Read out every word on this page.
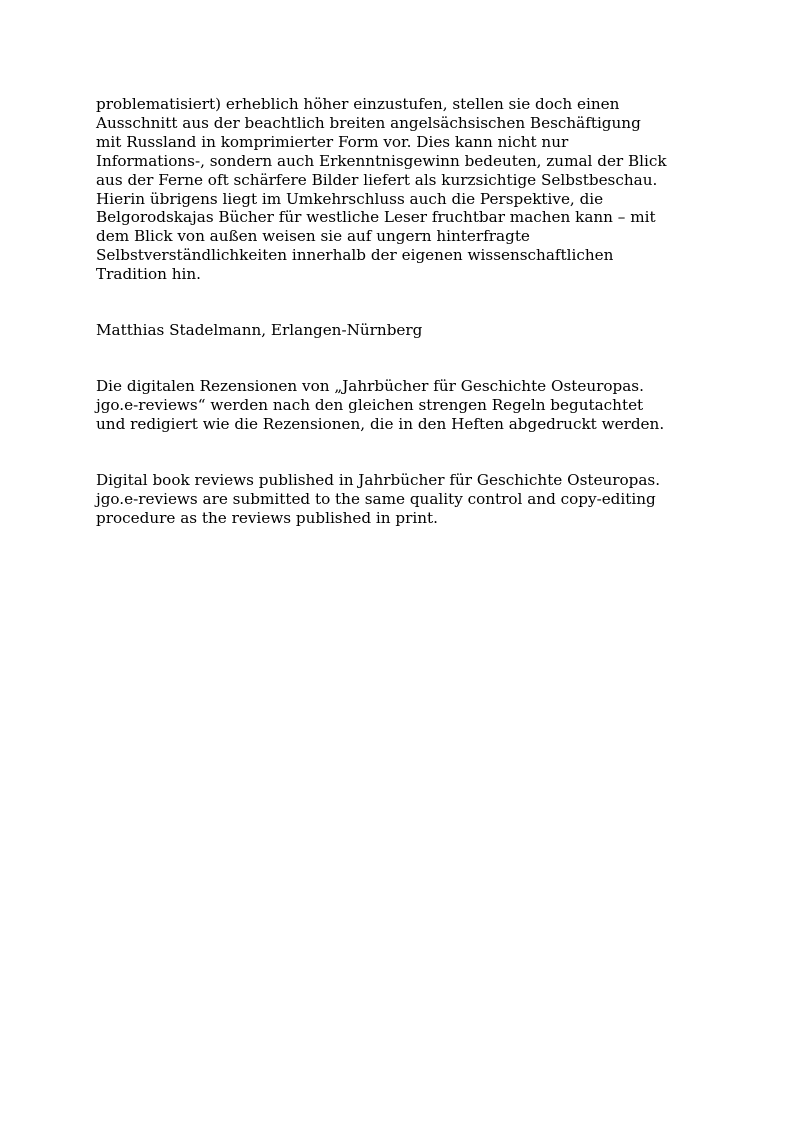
problematisiert) erheblich höher einzustufen, stellen sie doch einen
Ausschnitt aus der beachtlich breiten angelsächsischen Beschäftigung
mit Russland in komprimierter Form vor. Dies kann nicht nur
Informations-, sondern auch Erkenntnisgewinn bedeuten, zumal der Blick
aus der Ferne oft schärfere Bilder liefert als kurzsichtige Selbstbeschau.
Hierin übrigens liegt im Umkehrschluss auch die Perspektive, die
Belgorodskajas Bücher für westliche Leser fruchtbar machen kann – mit
dem Blick von außen weisen sie auf ungern hinterfragte
Selbstverständlichkeiten innerhalb der eigenen wissenschaftlichen
Tradition hin.

Matthias Stadelmann, Erlangen-Nürnberg

Die digitalen Rezensionen von „Jahrbücher für Geschichte Osteuropas.
jgo.e-reviews“ werden nach den gleichen strengen Regeln begutachtet
und redigiert wie die Rezensionen, die in den Heften abgedruckt werden.

Digital book reviews published in Jahrbücher für Geschichte Osteuropas.
jgo.e-reviews are submitted to the same quality control and copy-editing
procedure as the reviews published in print.
